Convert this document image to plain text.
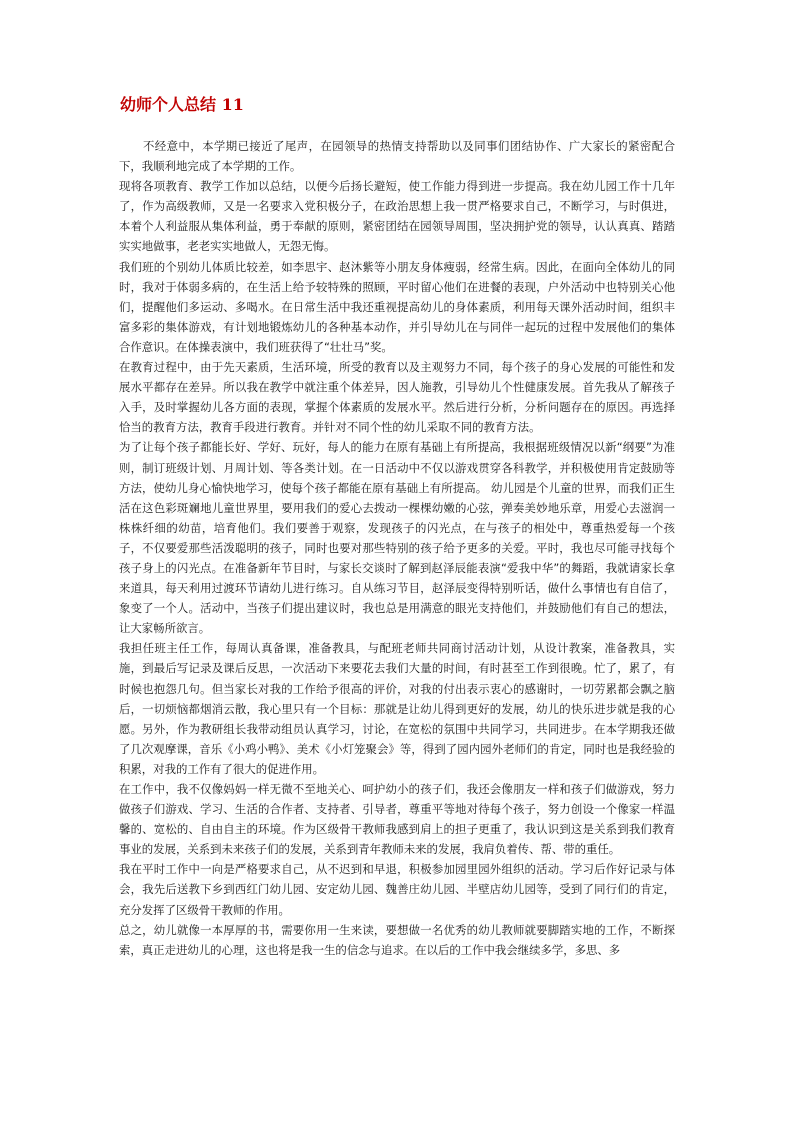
幼师个人总结 11

不经意中，本学期已接近了尾声，在园领导的热情支持帮助以及同事们团结协作、广大家长的紧密配合下，我顺利地完成了本学期的工作。

现将各项教育、教学工作加以总结，以便今后扬长避短，使工作能力得到进一步提高。我在幼儿园工作十几年了，作为高级教师，又是一名要求入党积极分子，在政治思想上我一贯严格要求自己，不断学习，与时俱进，本着个人利益服从集体利益，勇于奉献的原则，紧密团结在园领导周围，坚决拥护党的领导，认认真真、踏踏实实地做事，老老实实地做人，无怨无悔。

我们班的个别幼儿体质比较差，如李思宇、赵沐紫等小朋友身体瘦弱，经常生病。因此，在面向全体幼儿的同时，我对于体弱多病的，在生活上给予较特殊的照顾，平时留心他们在进餐的表现，户外活动中也特别关心他们，提醒他们多运动、多喝水。在日常生活中我还重视提高幼儿的身体素质，利用每天课外活动时间，组织丰富多彩的集体游戏，有计划地锻炼幼儿的各种基本动作，并引导幼儿在与同伴一起玩的过程中发展他们的集体合作意识。在体操表演中，我们班获得了“壮壮马”奖。

在教育过程中，由于先天素质，生活环境，所受的教育以及主观努力不同，每个孩子的身心发展的可能性和发展水平都存在差异。所以我在教学中就注重个体差异，因人施教，引导幼儿个性健康发展。首先我从了解孩子入手，及时掌握幼儿各方面的表现，掌握个体素质的发展水平。然后进行分析，分析问题存在的原因。再选择恰当的教育方法，教育手段进行教育。并针对不同个性的幼儿采取不同的教育方法。

为了让每个孩子都能长好、学好、玩好，每人的能力在原有基础上有所提高，我根据班级情况以新“纲要”为准则，制订班级计划、月周计划、等各类计划。在一日活动中不仅以游戏贯穿各科教学，并积极使用肯定鼓励等方法，使幼儿身心愉快地学习，使每个孩子都能在原有基础上有所提高。 幼儿园是个儿童的世界，而我们正生活在这色彩斑斓地儿童世界里，要用我们的爱心去拨动一棵棵幼嫩的心弦，弹奏美妙地乐章，用爱心去滋润一株株纤细的幼苗，培育他们。我们要善于观察，发现孩子的闪光点，在与孩子的相处中，尊重热爱每一个孩子，不仅要爱那些活泼聪明的孩子，同时也要对那些特别的孩子给予更多的关爱。平时，我也尽可能寻找每个孩子身上的闪光点。在准备新年节目时，与家长交谈时了解到赵泽辰能表演“爱我中华”的舞蹈，我就请家长拿来道具，每天利用过渡环节请幼儿进行练习。自从练习节目，赵泽辰变得特别听话，做什么事情也有自信了，象变了一个人。活动中，当孩子们提出建议时，我也总是用满意的眼光支持他们，并鼓励他们有自己的想法，让大家畅所欲言。

我担任班主任工作，每周认真备课，准备教具，与配班老师共同商讨活动计划，从设计教案，准备教具，实施，到最后写记录及课后反思，一次活动下来要花去我们大量的时间，有时甚至工作到很晚。忙了，累了，有时候也抱怨几句。但当家长对我的工作给予很高的评价，对我的付出表示衷心的感谢时，一切劳累都会飘之脑后，一切烦恼都烟消云散，我心里只有一个目标：那就是让幼儿得到更好的发展，幼儿的快乐进步就是我的心愿。另外，作为教研组长我带动组员认真学习，讨论，在宽松的氛围中共同学习，共同进步。在本学期我还做了几次观摩课，音乐《小鸡小鸭》、美术《小灯笼聚会》等，得到了园内园外老师们的肯定，同时也是我经验的积累，对我的工作有了很大的促进作用。

在工作中，我不仅像妈妈一样无微不至地关心、呵护幼小的孩子们，我还会像朋友一样和孩子们做游戏，努力做孩子们游戏、学习、生活的合作者、支持者、引导者，尊重平等地对待每个孩子，努力创设一个像家一样温馨的、宽松的、自由自主的环境。作为区级骨干教师我感到肩上的担子更重了，我认识到这是关系到我们教育事业的发展，关系到未来孩子们的发展，关系到青年教师未来的发展，我肩负着传、帮、带的重任。

我在平时工作中一向是严格要求自己，从不迟到和早退，积极参加园里园外组织的活动。学习后作好记录与体会，我先后送教下乡到西红门幼儿园、安定幼儿园、魏善庄幼儿园、半壁店幼儿园等，受到了同行们的肯定，充分发挥了区级骨干教师的作用。

总之，幼儿就像一本厚厚的书，需要你用一生来读，要想做一名优秀的幼儿教师就要脚踏实地的工作，不断探索，真正走进幼儿的心理，这也将是我一生的信念与追求。在以后的工作中我会继续多学，多思、多
